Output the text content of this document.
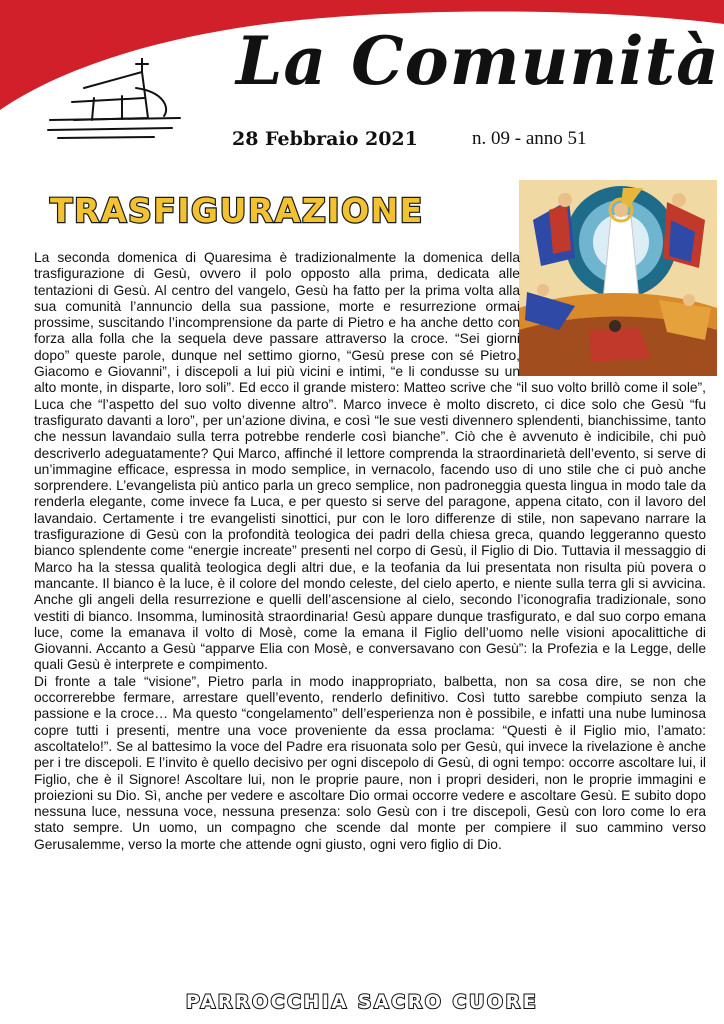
La Comunità
28 Febbraio 2021	n. 09 - anno 51
TRASFIGURAZIONE

La seconda domenica di Quaresima è tradizionalmente la domenica della trasfigurazione di Gesù, ovvero il polo opposto alla prima, dedicata alle tentazioni di Gesù. Al centro del vangelo, Gesù ha fatto per la prima volta alla sua comunità l’annuncio della sua passione, morte e resurrezione ormai prossime, suscitando l’incomprensione da parte di Pietro e ha anche detto con forza alla folla che la sequela deve passare attraverso la croce. “Sei giorni dopo” queste parole, dunque nel settimo giorno, “Gesù prese con sé Pietro, Giacomo e Giovanni”, i discepoli a lui più vicini e intimi, “e li condusse su un alto monte, in disparte, loro soli”. Ed ecco il grande mistero: Matteo scrive che “il suo volto brillò come il sole”, Luca che “l’aspetto del suo volto divenne altro”. Marco invece è molto discreto, ci dice solo che Gesù “fu trasfigurato davanti a loro”, per un’azione divina, e così “le sue vesti divennero splendenti, bianchissime, tanto che nessun lavandaio sulla terra potrebbe renderle così bianche”. Ciò che è avvenuto è indicibile, chi può descriverlo adeguatamente? Qui Marco, affinché il lettore comprenda la straordinarietà dell’evento, si serve di un’immagine efficace, espressa in modo semplice, in vernacolo, facendo uso di uno stile che ci può anche sorprendere. L’evangelista più antico parla un greco semplice, non padroneggia questa lingua in modo tale da renderla elegante, come invece fa Luca, e per questo si serve del paragone, appena citato, con il lavoro del lavandaio. Certamente i tre evangelisti sinottici, pur con le loro differenze di stile, non sapevano narrare la trasfigurazione di Gesù con la profondità teologica dei padri della chiesa greca, quando leggeranno questo bianco splendente come “energie increate” presenti nel corpo di Gesù, il Figlio di Dio. Tuttavia il messaggio di Marco ha la stessa qualità teologica degli altri due, e la teofania da lui presentata non risulta più povera o mancante. Il bianco è la luce, è il colore del mondo celeste, del cielo aperto, e niente sulla terra gli si avvicina. Anche gli angeli della resurrezione e quelli dell’ascensione al cielo, secondo l’iconografia tradizionale, sono vestiti di bianco. Insomma, luminosità straordinaria! Gesù appare dunque trasfigurato, e dal suo corpo emana luce, come la emanava il volto di Mosè, come la emana il Figlio dell’uomo nelle visioni apocalittiche di Giovanni. Accanto a Gesù “apparve Elia con Mosè, e conversavano con Gesù”: la Profezia e la Legge, delle quali Gesù è interprete e compimento.

Di fronte a tale “visione”, Pietro parla in modo inappropriato, balbetta, non sa cosa dire, se non che occorrerebbe fermare, arrestare quell’evento, renderlo definitivo. Così tutto sarebbe compiuto senza la passione e la croce… Ma questo “congelamento” dell’esperienza non è possibile, e infatti una nube luminosa copre tutti i presenti, mentre una voce proveniente da essa proclama: “Questi è il Figlio mio, l’amato: ascoltatelo!”. Se al battesimo la voce del Padre era risuonata solo per Gesù, qui invece la rivelazione è anche per i tre discepoli. E l’invito è quello decisivo per ogni discepolo di Gesù, di ogni tempo: occorre ascoltare lui, il Figlio, che è il Signore! Ascoltare lui, non le proprie paure, non i propri desideri, non le proprie immagini e proiezioni su Dio. Sì, anche per vedere e ascoltare Dio ormai occorre vedere e ascoltare Gesù. E subito dopo nessuna luce, nessuna voce, nessuna presenza: solo Gesù con i tre discepoli, Gesù con loro come lo era stato sempre. Un uomo, un compagno che scende dal monte per compiere il suo cammino verso Gerusalemme, verso la morte che attende ogni giusto, ogni vero figlio di Dio.

PARROCCHIA SACRO CUORE
